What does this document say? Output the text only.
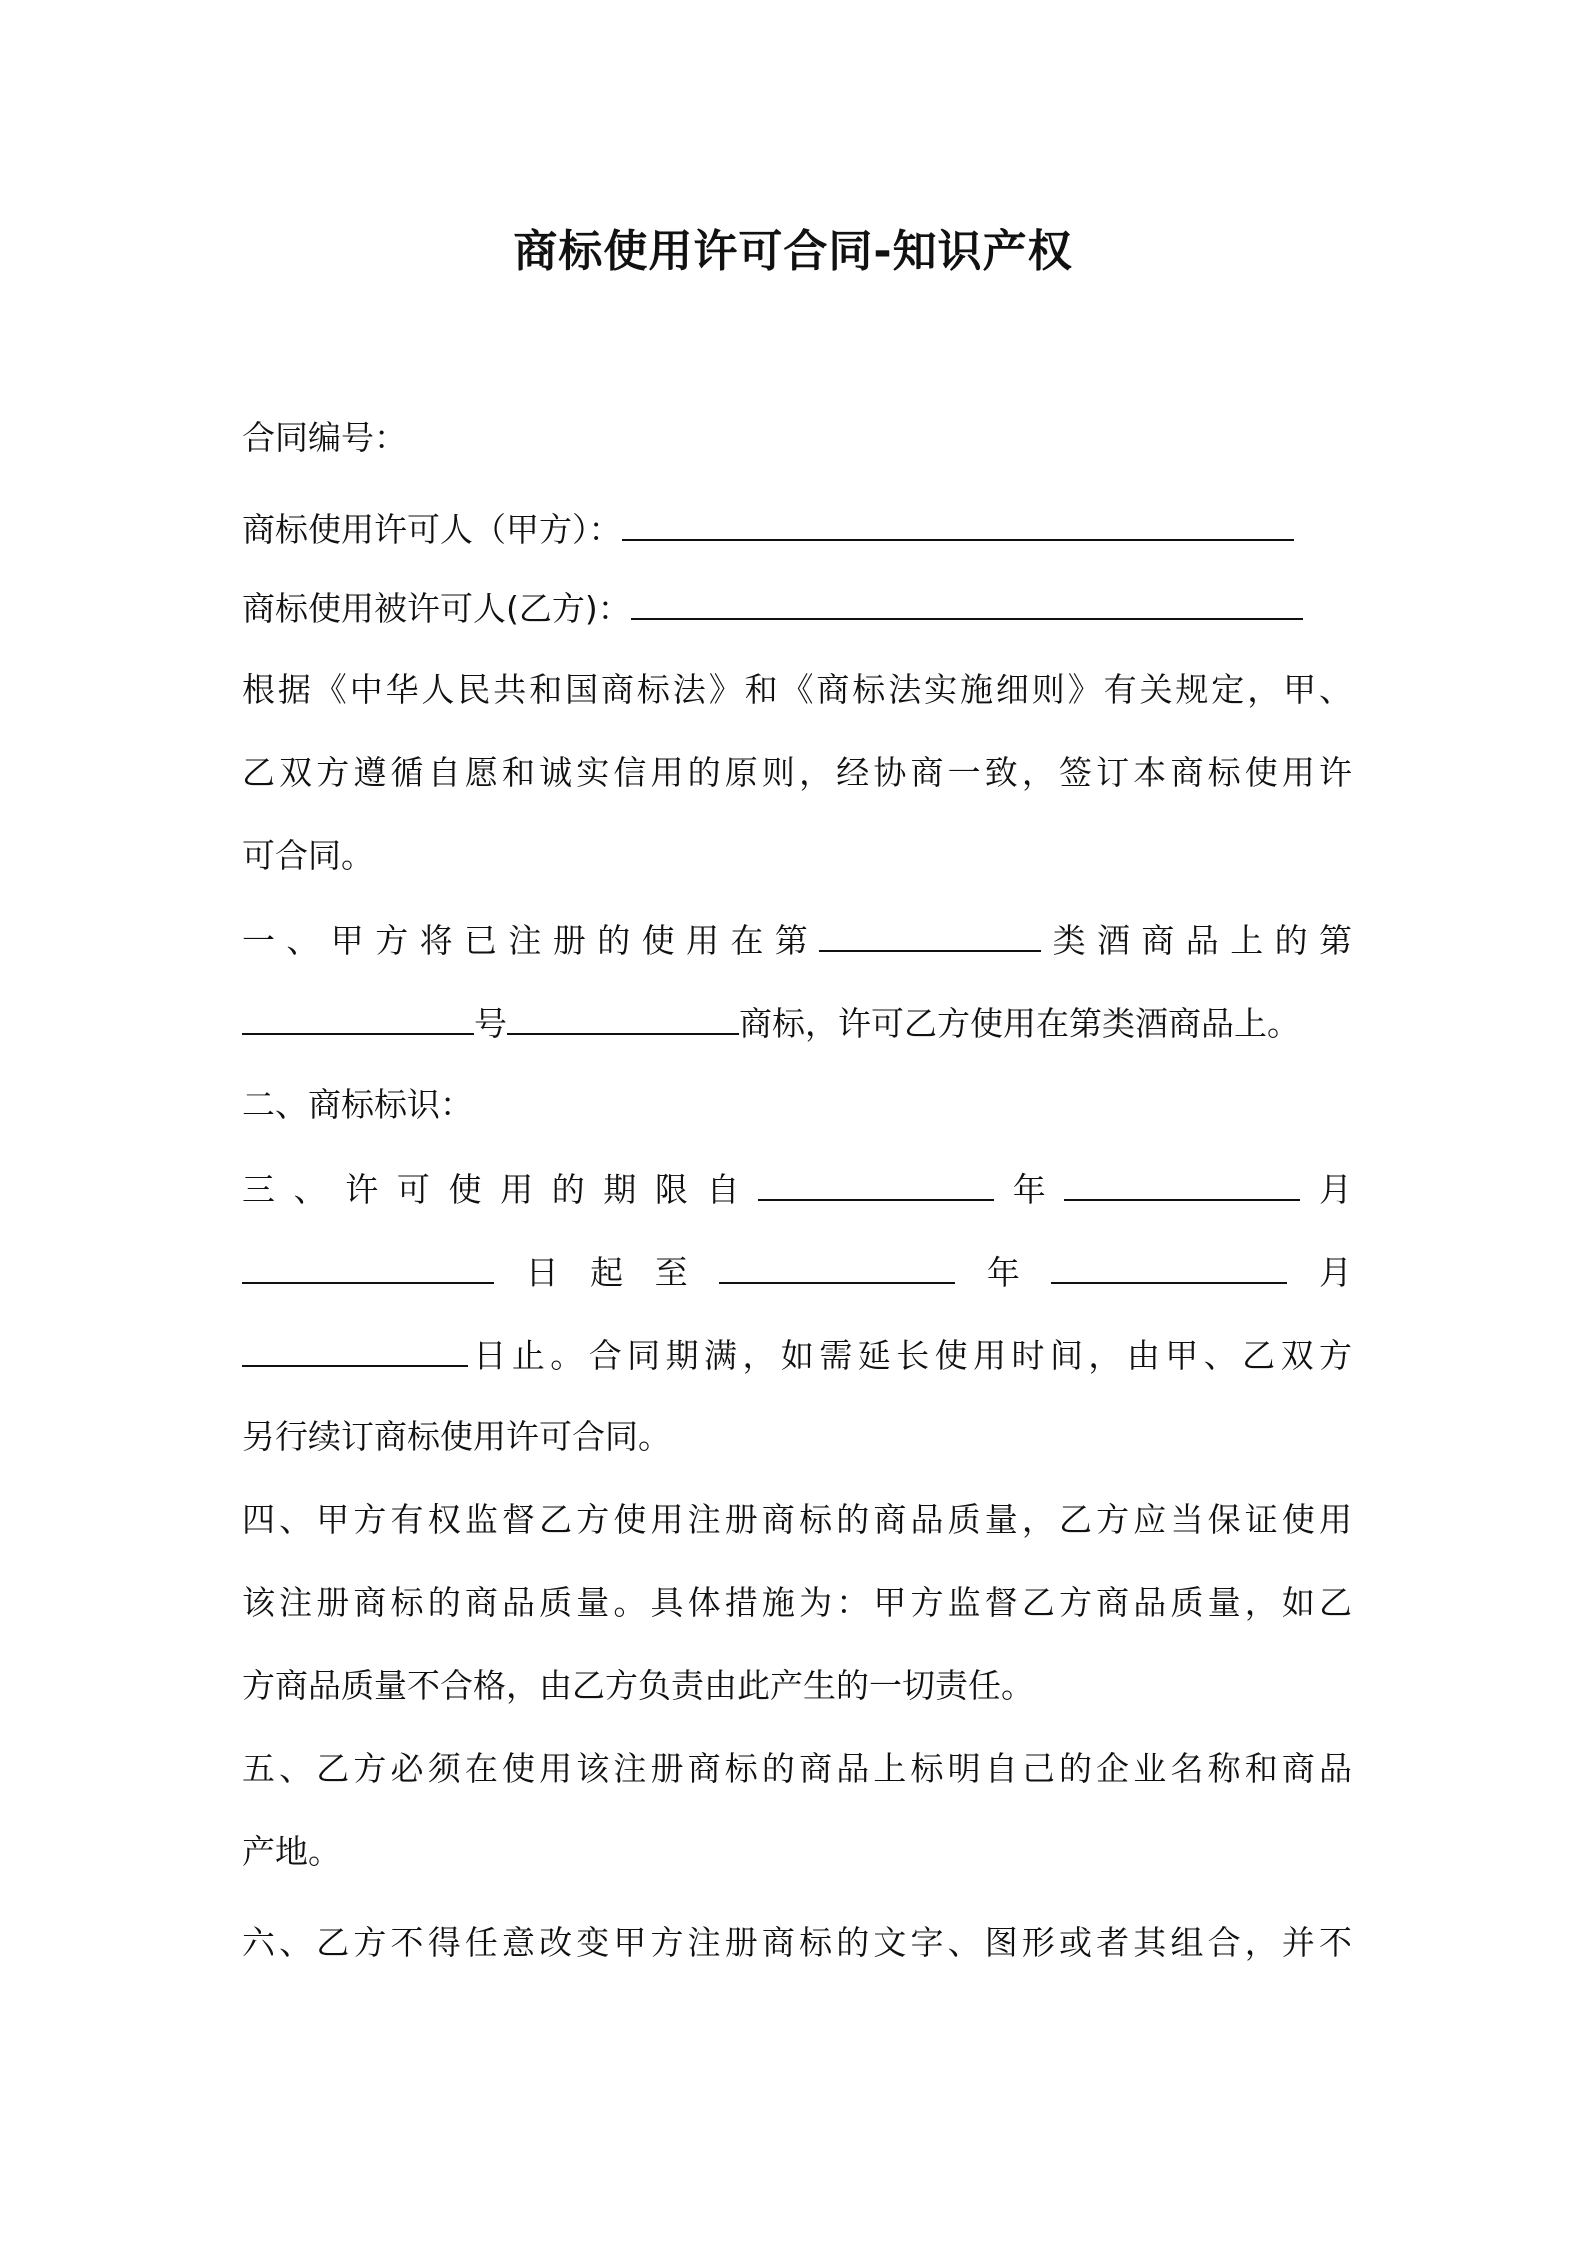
商标使用许可合同-知识产权
合同编号：
商标使用许可人（甲方）：
商标使用被许可人(乙方)：
根据《中华人民共和国商标法》和《商标法实施细则》有关规定，甲、
乙双方遵循自愿和诚实信用的原则，经协商一致，签订本商标使用许
可合同。
一、甲方将已注册的使用在第	类酒商品上的第
号	商标，许可乙方使用在第类酒商品上。
二、商标标识：
三、许可使用的期限自	年	月
日起至	年	月
日止。合同期满，如需延长使用时间，由甲、乙双方
另行续订商标使用许可合同。
四、甲方有权监督乙方使用注册商标的商品质量，乙方应当保证使用
该注册商标的商品质量。具体措施为：甲方监督乙方商品质量，如乙
方商品质量不合格，由乙方负责由此产生的一切责任。
五、乙方必须在使用该注册商标的商品上标明自己的企业名称和商品
产地。
六、乙方不得任意改变甲方注册商标的文字、图形或者其组合，并不
